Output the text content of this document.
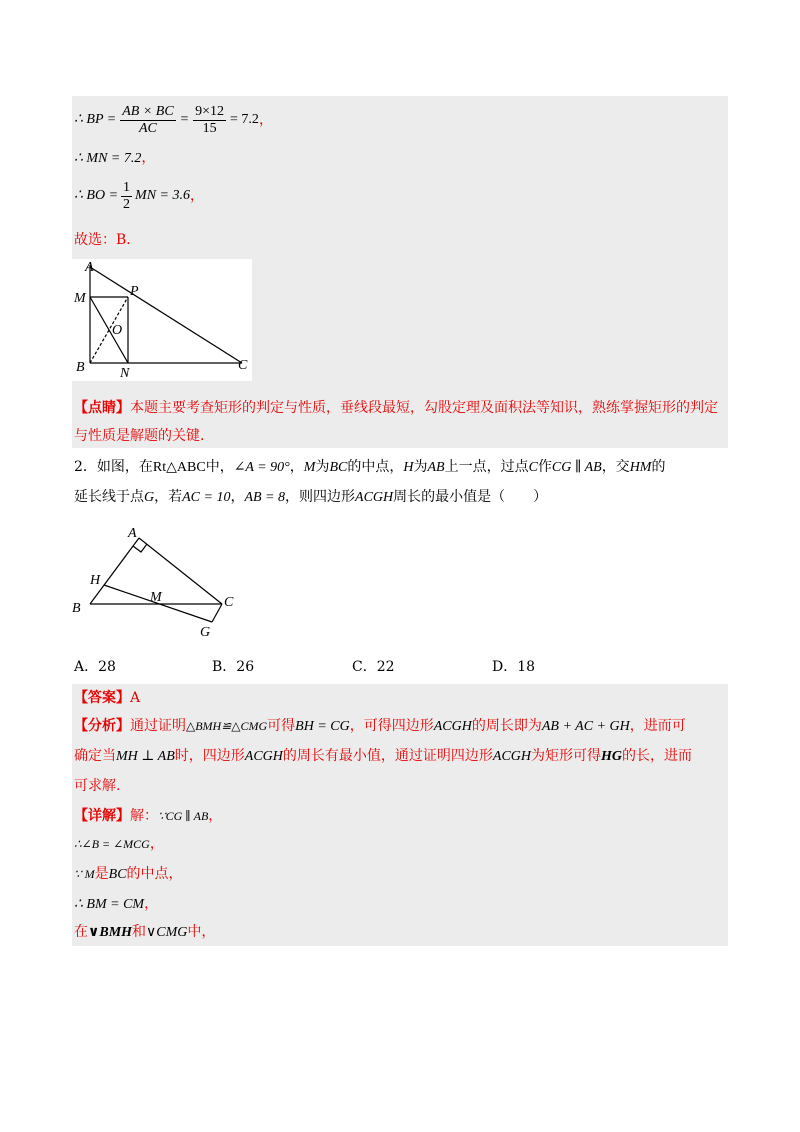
∴ BP = $\frac{AB \times BC}{AC} = \frac{9\times 12}{15} = 7.2$ ，
∴ MN = 7.2，
∴ BO = $\frac{1}{2}$ MN = 3.6 ，
故选：B．
A
M	P
O
B	N
C
【点睛】本题主要考查矩形的判定与性质，垂线段最短，勾股定理及面积法等知识，熟练掌握矩形的判定
与性质是解题的关键.
2．如图，在Rt△ABC中，∠A = 90°，M为BC的中点，H为AB上一点，过点C作CG ∥ AB，交HM的
延长线于点G，若AC = 10，AB = 8，则四边形ACGH周长的最小值是（　　）
A
H
B
M	C
G
A．28	B．26	C．22	D．18
【答案】A
【分析】通过证明△BMH≌△CMG可得BH = CG，可得四边形ACGH的周长即为AB + AC + GH，进而可
确定当MH ⊥ AB时，四边形ACGH的周长有最小值，通过证明四边形ACGH为矩形可得HG的长，进而
可求解.
【详解】解：∵CG ∥ AB，
∴∠B = ∠MCG，
∵ M是BC的中点，
∴ BM = CM，
在∨BMH和∨CMG中，
